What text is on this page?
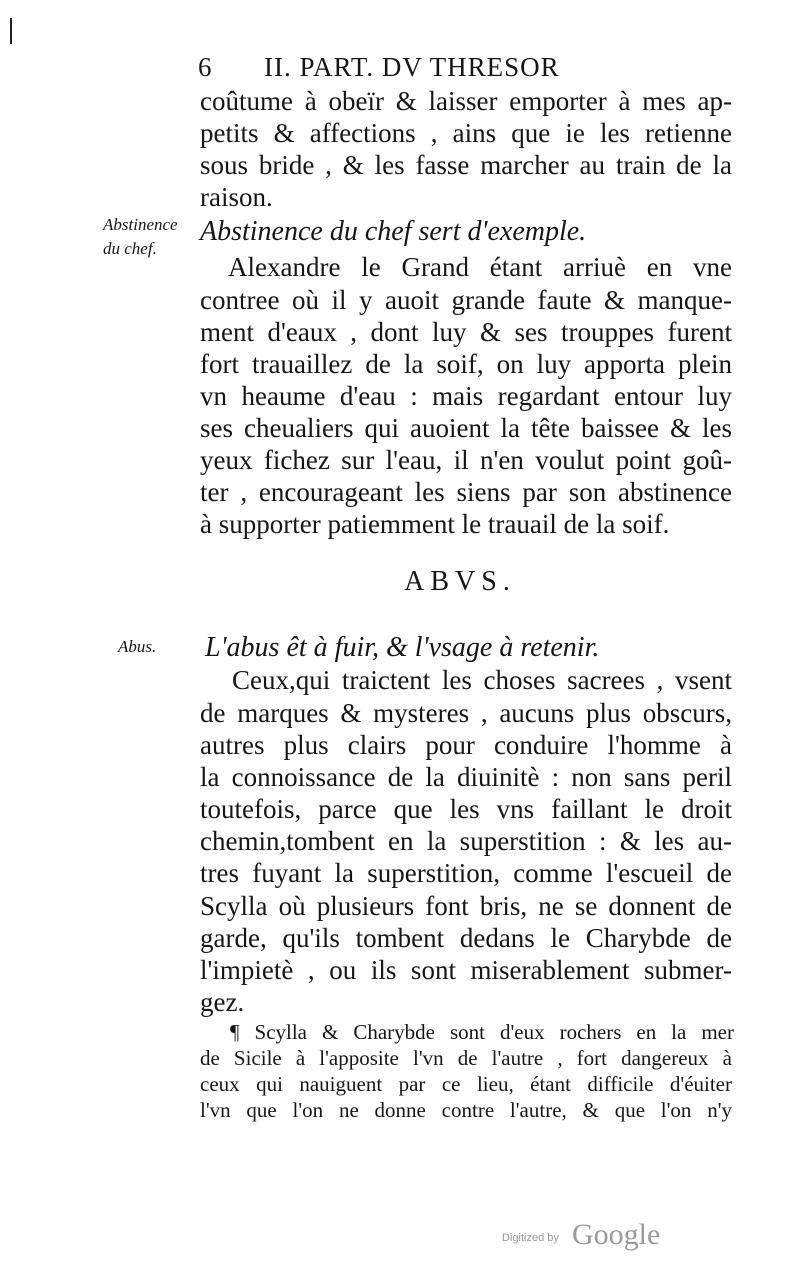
6 II. PART. DV THRESOR
coûtume à obeïr & laisser emporter à mes ap-
petits & affections , ains que ie les retienne
sous bride , & les fasse marcher au train de la
raison.
Abstinence
du chef.
Abstinence du chef sert d'exemple.
Alexandre le Grand étant arriuè en vne
contree où il y auoit grande faute & manque-
ment d'eaux , dont luy & ses trouppes furent
fort trauaillez de la soif, on luy apporta plein
vn heaume d'eau : mais regardant entour luy
ses cheualiers qui auoient la tête baissee & les
yeux fichez sur l'eau, il n'en voulut point goû-
ter , encourageant les siens par son abstinence
à supporter patiemment le trauail de la soif.
ABVS.
Abus. L'abus êt à fuir, & l'vsage à retenir.
Ceux,qui traictent les choses sacrees , vsent
de marques & mysteres , aucuns plus obscurs,
autres plus clairs pour conduire l'homme à
la connoissance de la diuinitè : non sans peril
toutefois, parce que les vns faillant le droit
chemin,tombent en la superstition : & les au-
tres fuyant la superstition, comme l'escueil de
Scylla où plusieurs font bris, ne se donnent de
garde, qu'ils tombent dedans le Charybde de
l'impietè , ou ils sont miserablement submer-
gez.
¶ Scylla & Charybde sont d'eux rochers en la mer
de Sicile à l'apposite l'vn de l'autre , fort dangereux à
ceux qui nauiguent par ce lieu, étant difficile d'éuiter
l'vn que l'on ne donne contre l'autre, & que l'on n'y
Digitized by Google
